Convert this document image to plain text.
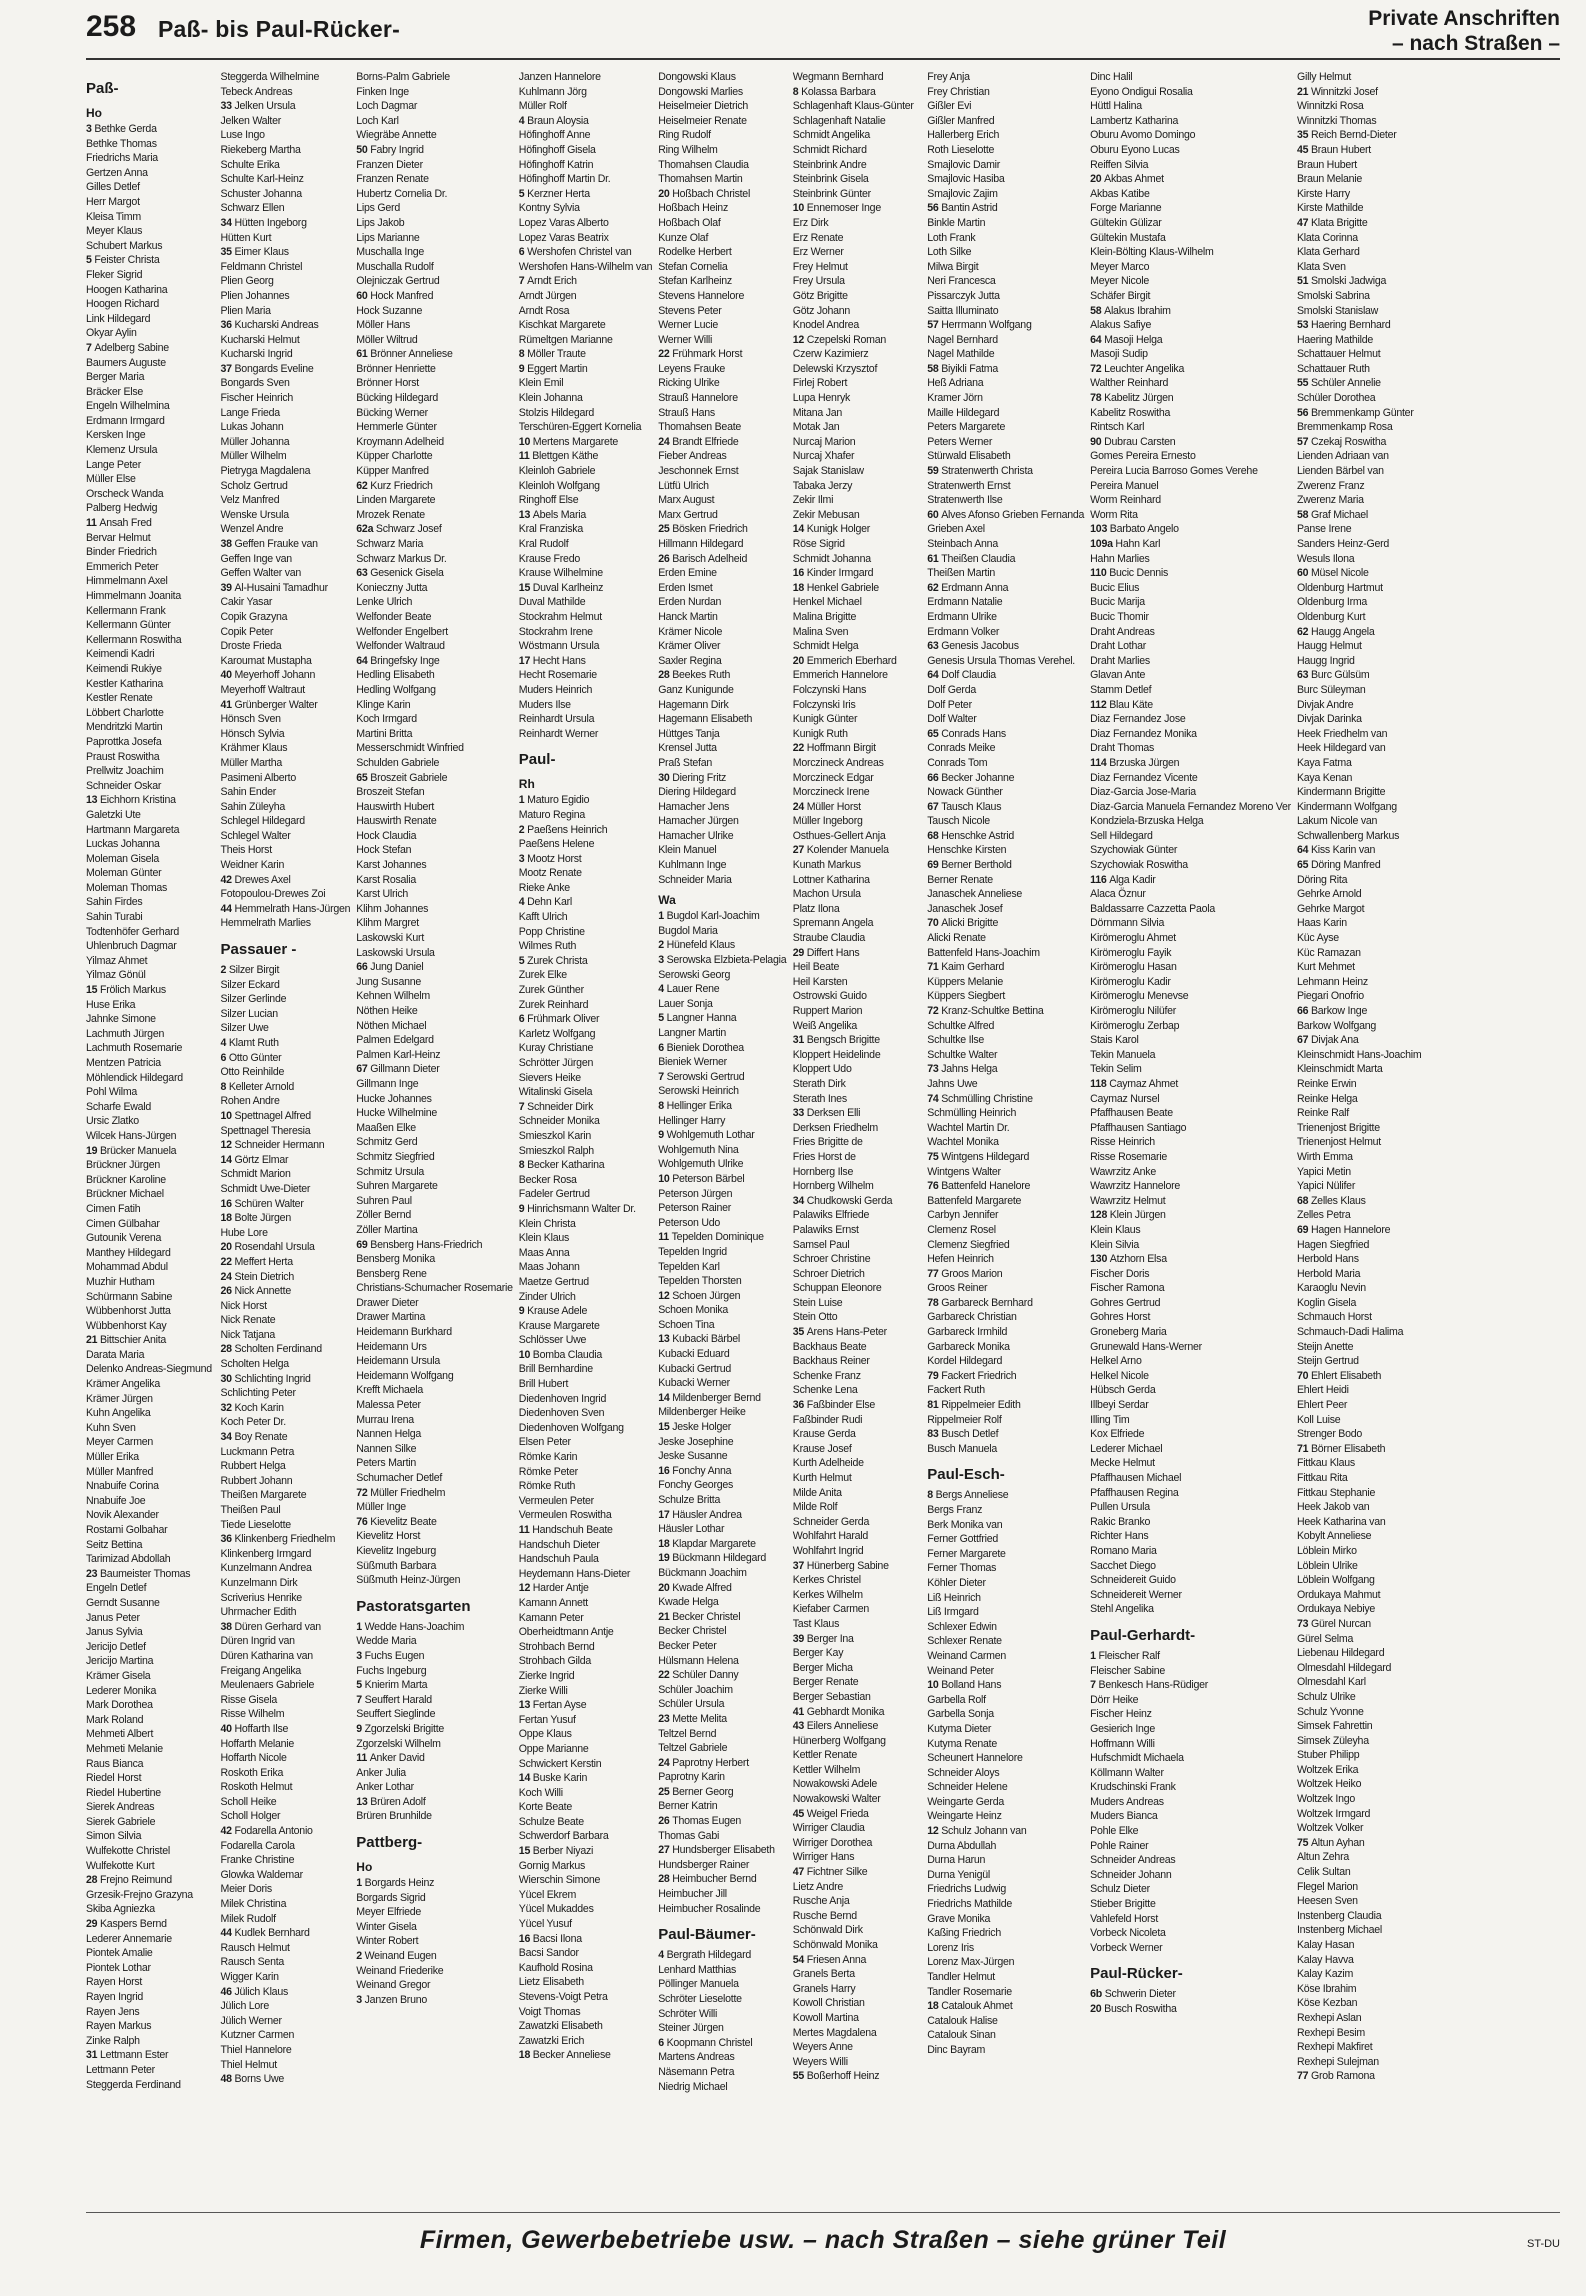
258 Paß- bis Paul-Rücker-	Private Anschriften
– nach Straßen –
Paß-
Ho
3 Bethke Gerda
Bethke Thomas
Friedrichs Maria
Gertzen Anna
Gilles Detlef
Herr Margot
Kleisa Timm
Meyer Klaus
Schubert Markus
5 Feister Christa
Fleker Sigrid
Hoogen Katharina
Hoogen Richard
Link Hildegard
Okyar Aylin
7 Adelberg Sabine
Baumers Auguste
Berger Maria
Bräcker Else
Engeln Wilhelmina
Erdmann Irmgard
Kersken Inge
Klemenz Ursula
Lange Peter
Müller Else
Orscheck Wanda
Palberg Hedwig
11 Ansah Fred
Bervar Helmut
Binder Friedrich
Emmerich Peter
Himmelmann Axel
Himmelmann Joanita
Kellermann Frank
Kellermann Günter
Kellermann Roswitha
Keimendi Kadri
Keimendi Rukiye
Kestler Katharina
Kestler Renate
Löbbert Charlotte
Mendritzki Martin
Paprottka Josefa
Praust Roswitha
Prellwitz Joachim
Schneider Oskar
13 Eichhorn Kristina
Galetzki Ute
Hartmann Margareta
Luckas Johanna
Moleman Gisela
Moleman Günter
Moleman Thomas
Sahin Firdes
Sahin Turabi
Todtenhöfer Gerhard
Uhlenbruch Dagmar
Yilmaz Ahmet
Yilmaz Gönül
15 Frölich Markus
Huse Erika
Jahnke Simone
Lachmuth Jürgen
Lachmuth Rosemarie
Mentzen Patricia
Möhlendick Hildegard
Pohl Wilma
Scharfe Ewald
Ursic Zlatko
Wilcek Hans-Jürgen
19 Brücker Manuela
Brückner Jürgen
Brückner Karoline
Brückner Michael
Cimen Fatih
Cimen Gülbahar
Gutounik Verena
Manthey Hildegard
Mohammad Abdul
Muzhir Hutham
Schürmann Sabine
Wübbenhorst Jutta
Wübbenhorst Kay
21 Bittschier Anita
Darata Maria
Delenko Andreas-Siegmund
Krämer Angelika
Krämer Jürgen
Kuhn Angelika
Kuhn Sven
Meyer Carmen
Müller Erika
Müller Manfred
Nnabuife Corina
Nnabuife Joe
Novik Alexander
Rostami Golbahar
Seitz Bettina
Tarimizad Abdollah
23 Baumeister Thomas
Engeln Detlef
Gerndt Susanne
Janus Peter
Janus Sylvia
Jericijo Detlef
Jericijo Martina
Krämer Gisela
Lederer Monika
Mark Dorothea
Mark Roland
Mehmeti Albert
Mehmeti Melanie
Raus Bianca
Riedel Horst
Riedel Hubertine
Sierek Andreas
Sierek Gabriele
Simon Silvia
Wulfekotte Christel
Wulfekotte Kurt
28 Frejno Reimund
Grzesik-Frejno Grazyna
Skiba Agniezka
29 Kaspers Bernd
Lederer Annemarie
Piontek Amalie
Piontek Lothar
Rayen Horst
Rayen Ingrid
Rayen Jens
Rayen Markus
Zinke Ralph
31 Lettmann Ester
Lettmann Peter
Steggerda Ferdinand
Steggerda Wilhelmine
Tebeck Andreas
33 Jelken Ursula
Jelken Walter
Luse Ingo
Riekeberg Martha
Schulte Erika
Schulte Karl-Heinz
Schuster Johanna
Schwarz Ellen
34 Hütten Ingeborg
Hütten Kurt
35 Eimer Klaus
Feldmann Christel
Plien Georg
Plien Johannes
Plien Maria
36 Kucharski Andreas
Kucharski Helmut
Kucharski Ingrid
37 Bongards Eveline
Bongards Sven
Fischer Heinrich
Lange Frieda
Lukas Johann
Müller Johanna
Müller Wilhelm
Pietryga Magdalena
Scholz Gertrud
Velz Manfred
Wenske Ursula
Wenzel Andre
38 Geffen Frauke van
Geffen Inge van
Geffen Walter van
39 Al-Husaini Tamadhur
Cakir Yasar
Copik Grazyna
Copik Peter
Droste Frieda
Karoumat Mustapha
40 Meyerhoff Johann
Meyerhoff Waltraut
41 Grünberger Walter
Hönsch Sven
Hönsch Sylvia
Krähmer Klaus
Müller Martha
Pasimeni Alberto
Sahin Ender
Sahin Züleyha
Schlegel Hildegard
Schlegel Walter
Theis Horst
Weidner Karin
42 Drewes Axel
Fotopoulou-Drewes Zoi
44 Hemmelrath Hans-Jürgen
Hemmelrath Marlies
Passauer -
2 Silzer Birgit
Silzer Eckard
Silzer Gerlinde
Silzer Lucian
Silzer Uwe
4 Klamt Ruth
6 Otto Günter
Otto Reinhilde
8 Kelleter Arnold
Rohen Andre
10 Spettnagel Alfred
Spettnagel Theresia
12 Schneider Hermann
14 Görtz Elmar
Schmidt Marion
Schmidt Uwe-Dieter
16 Schüren Walter
18 Bolte Jürgen
Hube Lore
20 Rosendahl Ursula
22 Meffert Herta
24 Stein Dietrich
26 Nick Annette
Nick Horst
Nick Renate
Nick Tatjana
28 Scholten Ferdinand
Scholten Helga
30 Schlichting Ingrid
Schlichting Peter
32 Koch Karin
Koch Peter Dr.
34 Boy Renate
Luckmann Petra
Rubbert Helga
Rubbert Johann
Theißen Margarete
Theißen Paul
Tiede Lieselotte
36 Klinkenberg Friedhelm
Klinkenberg Irmgard
Kunzelmann Andrea
Kunzelmann Dirk
Scriverius Henrike
Uhrmacher Edith
38 Düren Gerhard van
Düren Ingrid van
Düren Katharina van
Freigang Angelika
Meulenaers Gabriele
Risse Gisela
Risse Wilhelm
40 Hoffarth Ilse
Hoffarth Melanie
Hoffarth Nicole
Roskoth Erika
Roskoth Helmut
Scholl Heike
Scholl Holger
42 Fodarella Antonio
Fodarella Carola
Franke Christine
Glowka Waldemar
Meier Doris
Milek Christina
Milek Rudolf
44 Kudlek Bernhard
Rausch Helmut
Rausch Senta
Wigger Karin
46 Jülich Klaus
Jülich Lore
Jülich Werner
Kutzner Carmen
Thiel Hannelore
Thiel Helmut
48 Borns Uwe
Borns-Palm Gabriele
Finken Inge
Loch Dagmar
Loch Karl
Wiegräbe Annette
50 Fabry Ingrid
Franzen Dieter
Franzen Renate
Hubertz Cornelia Dr.
Lips Gerd
Lips Jakob
Lips Marianne
Muschalla Inge
Muschalla Rudolf
Olejniczak Gertrud
60 Hock Manfred
Hock Suzanne
Möller Hans
Möller Wiltrud
61 Brönner Anneliese
Brönner Henriette
Brönner Horst
Bücking Hildegard
Bücking Werner
Hemmerle Günter
Kroymann Adelheid
Küpper Charlotte
Küpper Manfred
62 Kurz Friedrich
Linden Margarete
Mrozek Renate
62a Schwarz Josef
Schwarz Maria
Schwarz Markus Dr.
63 Gesenick Gisela
Konieczny Jutta
Lenke Ulrich
Welfonder Beate
Welfonder Engelbert
Welfonder Waltraud
64 Bringefsky Inge
Hedling Elisabeth
Hedling Wolfgang
Klinge Karin
Koch Irmgard
Martini Britta
Messerschmidt Winfried
Schulden Gabriele
65 Broszeit Gabriele
Broszeit Stefan
Hauswirth Hubert
Hauswirth Renate
Hock Claudia
Hock Stefan
Karst Johannes
Karst Rosalia
Karst Ulrich
Klihm Johannes
Klihm Margret
Laskowski Kurt
Laskowski Ursula
66 Jung Daniel
Jung Susanne
Kehnen Wilhelm
Nöthen Heike
Nöthen Michael
Palmen Edelgard
Palmen Karl-Heinz
67 Gillmann Dieter
Gillmann Inge
Hucke Johannes
Hucke Wilhelmine
Maaßen Elke
Schmitz Gerd
Schmitz Siegfried
Schmitz Ursula
Suhren Margarete
Suhren Paul
Zöller Bernd
Zöller Martina
69 Bensberg Hans-Friedrich
Bensberg Monika
Bensberg Rene
Christians-Schumacher Rosemarie
Drawer Dieter
Drawer Martina
Heidemann Burkhard
Heidemann Urs
Heidemann Ursula
Heidemann Wolfgang
Krefft Michaela
Malessa Peter
Murrau Irena
Nannen Helga
Nannen Silke
Peters Martin
Schumacher Detlef
72 Müller Friedhelm
Müller Inge
76 Kievelitz Beate
Kievelitz Horst
Kievelitz Ingeburg
Süßmuth Barbara
Süßmuth Heinz-Jürgen
Pastoratsgarten
1 Wedde Hans-Joachim
Wedde Maria
3 Fuchs Eugen
Fuchs Ingeburg
5 Knierim Marta
7 Seuffert Harald
Seuffert Sieglinde
9 Zgorzelski Brigitte
Zgorzelski Wilhelm
11 Anker David
Anker Julia
Anker Lothar
13 Brüren Adolf
Brüren Brunhilde
Pattberg-
Ho
1 Borgards Heinz
Borgards Sigrid
Meyer Elfriede
Winter Gisela
Winter Robert
2 Weinand Eugen
Weinand Friederike
Weinand Gregor
3 Janzen Bruno
Janzen Hannelore
Kuhlmann Jörg
Müller Rolf
4 Braun Aloysia
Höfinghoff Anne
Höfinghoff Gisela
Höfinghoff Katrin
Höfinghoff Martin Dr.
5 Kerzner Herta
Kontny Sylvia
Lopez Varas Alberto
Lopez Varas Beatrix
6 Wershofen Christel van
Wershofen Hans-Wilhelm van
7 Arndt Erich
Arndt Jürgen
Arndt Rosa
Kischkat Margarete
Rümeltgen Marianne
8 Möller Traute
9 Eggert Martin
Klein Emil
Klein Johanna
Stolzis Hildegard
Terschüren-Eggert Kornelia
10 Mertens Margarete
11 Blettgen Käthe
Kleinloh Gabriele
Kleinloh Wolfgang
Ringhoff Else
13 Abels Maria
Kral Franziska
Kral Rudolf
Krause Fredo
Krause Wilhelmine
15 Duval Karlheinz
Duval Mathilde
Stockrahm Helmut
Stockrahm Irene
Wöstmann Ursula
17 Hecht Hans
Hecht Rosemarie
Muders Heinrich
Muders Ilse
Reinhardt Ursula
Reinhardt Werner
Paul-
Rh
1 Maturo Egidio
Maturo Regina
2 Paeßens Heinrich
Paeßens Helene
3 Mootz Horst
Mootz Renate
Rieke Anke
4 Dehn Karl
Kafft Ulrich
Popp Christine
Wilmes Ruth
5 Zurek Christa
Zurek Elke
Zurek Günther
Zurek Reinhard
6 Frühmark Oliver
Karletz Wolfgang
Kuray Christiane
Schrötter Jürgen
Sievers Heike
Witalinski Gisela
7 Schneider Dirk
Schneider Monika
Smieszkol Karin
Smieszkol Ralph
8 Becker Katharina
Becker Rosa
Fadeler Gertrud
9 Hinrichsmann Walter Dr.
Klein Christa
Klein Klaus
Maas Anna
Maas Johann
Maetze Gertrud
Zinder Ulrich
9 Krause Adele
Krause Margarete
Schlösser Uwe
10 Bomba Claudia
Brill Bernhardine
Brill Hubert
Diedenhoven Ingrid
Diedenhoven Sven
Diedenhoven Wolfgang
Elsen Peter
Römke Karin
Römke Peter
Römke Ruth
Vermeulen Peter
Vermeulen Roswitha
11 Handschuh Beate
Handschuh Dieter
Handschuh Paula
Heydemann Hans-Dieter
12 Harder Antje
Kamann Annett
Kamann Peter
Oberheidtmann Antje
Strohbach Bernd
Strohbach Gilda
Zierke Ingrid
Zierke Willi
13 Fertan Ayse
Fertan Yusuf
Oppe Klaus
Oppe Marianne
Schwickert Kerstin
14 Buske Karin
Koch Willi
Korte Beate
Schulze Beate
Schwerdorf Barbara
15 Berber Niyazi
Gornig Markus
Wierschin Simone
Yücel Ekrem
Yücel Mukaddes
Yücel Yusuf
16 Bacsi Ilona
Bacsi Sandor
Kaufhold Rosina
Lietz Elisabeth
Stevens-Voigt Petra
Voigt Thomas
Zawatzki Elisabeth
Zawatzki Erich
18 Becker Anneliese
Dongowski Klaus
Dongowski Marlies
Heiselmeier Dietrich
Heiselmeier Renate
Ring Rudolf
Ring Wilhelm
Thomahsen Claudia
Thomahsen Martin
20 Hoßbach Christel
Hoßbach Heinz
Hoßbach Olaf
Kunze Olaf
Rodelke Herbert
Stefan Cornelia
Stefan Karlheinz
Stevens Hannelore
Stevens Peter
Werner Lucie
Werner Willi
22 Frühmark Horst
Leyens Frauke
Ricking Ulrike
Strauß Hannelore
Strauß Hans
Thomahsen Beate
24 Brandt Elfriede
Fieber Andreas
Jeschonnek Ernst
Lütfü Ulrich
Marx August
Marx Gertrud
25 Bösken Friedrich
Hillmann Hildegard
26 Barisch Adelheid
Erden Emine
Erden Ismet
Erden Nurdan
Hanck Martin
Krämer Nicole
Krämer Oliver
Saxler Regina
28 Beekes Ruth
Ganz Kunigunde
Hagemann Dirk
Hagemann Elisabeth
Hüttges Tanja
Krensel Jutta
Praß Stefan
30 Diering Fritz
Diering Hildegard
Hamacher Jens
Hamacher Jürgen
Hamacher Ulrike
Klein Manuel
Kuhlmann Inge
Schneider Maria
Wa
1 Bugdol Karl-Joachim
Bugdol Maria
2 Hünefeld Klaus
3 Serowska Elzbieta-Pelagia
Serowski Georg
4 Lauer Rene
Lauer Sonja
5 Langner Hanna
Langner Martin
6 Bieniek Dorothea
Bieniek Werner
7 Serowski Gertrud
Serowski Heinrich
8 Hellinger Erika
Hellinger Harry
9 Wohlgemuth Lothar
Wohlgemuth Nina
Wohlgemuth Ulrike
10 Peterson Bärbel
Peterson Jürgen
Peterson Rainer
Peterson Udo
11 Tepelden Dominique
Tepelden Ingrid
Tepelden Karl
Tepelden Thorsten
12 Schoen Jürgen
Schoen Monika
Schoen Tina
13 Kubacki Bärbel
Kubacki Eduard
Kubacki Gertrud
Kubacki Werner
14 Mildenberger Bernd
Mildenberger Heike
15 Jeske Holger
Jeske Josephine
Jeske Susanne
16 Fonchy Anna
Fonchy Georges
Schulze Britta
17 Häusler Andrea
Häusler Lothar
18 Klapdar Margarete
19 Bückmann Hildegard
Bückmann Joachim
20 Kwade Alfred
Kwade Helga
21 Becker Christel
Becker Christel
Becker Peter
Hülsmann Helena
22 Schüler Danny
Schüler Joachim
Schüler Ursula
23 Mette Melita
Teltzel Bernd
Teltzel Gabriele
24 Paprotny Herbert
Paprotny Karin
25 Berner Georg
Berner Katrin
26 Thomas Eugen
Thomas Gabi
27 Hundsberger Elisabeth
Hundsberger Rainer
28 Heimbucher Bernd
Heimbucher Jill
Heimbucher Rosalinde
Paul-Bäumer-
4 Bergrath Hildegard
Lenhard Matthias
Pöllinger Manuela
Schröter Lieselotte
Schröter Willi
Steiner Jürgen
6 Koopmann Christel
Martens Andreas
Näsemann Petra
Niedrig Michael
Wegmann Bernhard
8 Kolassa Barbara
Schlagenhaft Klaus-Günter
Schlagenhaft Natalie
Schmidt Angelika
Schmidt Richard
Steinbrink Andre
Steinbrink Gisela
Steinbrink Günter
10 Ennemoser Inge
Erz Dirk
Erz Renate
Erz Werner
Frey Helmut
Frey Ursula
Götz Brigitte
Götz Johann
Knodel Andrea
12 Czepelski Roman
Czerw Kazimierz
Delewski Krzysztof
Firlej Robert
Lupa Henryk
Mitana Jan
Motak Jan
Nurcaj Marion
Nurcaj Xhafer
Sajak Stanislaw
Tabaka Jerzy
Zekir Ilmi
Zekir Mebusan
14 Kunigk Holger
Röse Sigrid
Schmidt Johanna
16 Kinder Irmgard
18 Henkel Gabriele
Henkel Michael
Malina Brigitte
Malina Sven
Schmidt Helga
20 Emmerich Eberhard
Emmerich Hannelore
Folczynski Hans
Folczynski Iris
Kunigk Günter
Kunigk Ruth
22 Hoffmann Birgit
Morczineck Andreas
Morczineck Edgar
Morczineck Irene
24 Müller Horst
Müller Ingeborg
Osthues-Gellert Anja
27 Kolender Manuela
Kunath Markus
Lottner Katharina
Machon Ursula
Platz Ilona
Spremann Angela
Straube Claudia
29 Differt Hans
Heil Beate
Heil Karsten
Ostrowski Guido
Ruppert Marion
Weiß Angelika
31 Bengsch Brigitte
Kloppert Heidelinde
Kloppert Udo
Sterath Dirk
Sterath Ines
33 Derksen Elli
Derksen Friedhelm
Fries Brigitte de
Fries Horst de
Hornberg Ilse
Hornberg Wilhelm
34 Chudkowski Gerda
Palawiks Elfriede
Palawiks Ernst
Samsel Paul
Schroer Christine
Schroer Dietrich
Schuppan Eleonore
Stein Luise
Stein Otto
35 Arens Hans-Peter
Backhaus Beate
Backhaus Reiner
Schenke Franz
Schenke Lena
36 Faßbinder Else
Faßbinder Rudi
Krause Gerda
Krause Josef
Kurth Adelheide
Kurth Helmut
Milde Anita
Milde Rolf
Schneider Gerda
Wohlfahrt Harald
Wohlfahrt Ingrid
37 Hünerberg Sabine
Kerkes Christel
Kerkes Wilhelm
Kiefaber Carmen
Tast Klaus
39 Berger Ina
Berger Kay
Berger Micha
Berger Renate
Berger Sebastian
41 Gebhardt Monika
43 Eilers Anneliese
Hünerberg Wolfgang
Kettler Renate
Kettler Wilhelm
Nowakowski Adele
Nowakowski Walter
45 Weigel Frieda
Wirriger Claudia
Wirriger Dorothea
Wirriger Hans
47 Fichtner Silke
Lietz Andre
Rusche Anja
Rusche Bernd
Schönwald Dirk
Schönwald Monika
54 Friesen Anna
Granels Berta
Granels Harry
Kowoll Christian
Kowoll Martina
Mertes Magdalena
Weyers Anne
Weyers Willi
55 Boßerhoff Heinz
Frey Anja
Frey Christian
Gißler Evi
Gißler Manfred
Hallerberg Erich
Roth Lieselotte
Smajlovic Damir
Smajlovic Hasiba
Smajlovic Zajim
56 Bantin Astrid
Binkle Martin
Loth Frank
Loth Silke
Milwa Birgit
Neri Francesca
Pissarczyk Jutta
Saitta Illuminato
57 Herrmann Wolfgang
Nagel Bernhard
Nagel Mathilde
58 Biyikli Fatma
Heß Adriana
Kramer Jörn
Maille Hildegard
Peters Margarete
Peters Werner
Stürwald Elisabeth
59 Stratenwerth Christa
Stratenwerth Ernst
Stratenwerth Ilse
60 Alves Afonso Grieben Fernanda
Grieben Axel
Steinbach Anna
61 Theißen Claudia
Theißen Martin
62 Erdmann Anna
Erdmann Natalie
Erdmann Ulrike
Erdmann Volker
63 Genesis Jacobus
Genesis Ursula Thomas Verehel.
64 Dolf Claudia
Dolf Gerda
Dolf Peter
Dolf Walter
65 Conrads Hans
Conrads Meike
Conrads Tom
66 Becker Johanne
Nowack Günther
67 Tausch Klaus
Tausch Nicole
68 Henschke Astrid
Henschke Kirsten
69 Berner Berthold
Berner Renate
Janaschek Anneliese
Janaschek Josef
70 Alicki Brigitte
Alicki Renate
Battenfeld Hans-Joachim
71 Kaim Gerhard
Küppers Melanie
Küppers Siegbert
72 Kranz-Schultke Bettina
Schultke Alfred
Schultke Ilse
Schultke Walter
73 Jahns Helga
Jahns Uwe
74 Schmülling Christine
Schmülling Heinrich
Wachtel Martin Dr.
Wachtel Monika
75 Wintgens Hildegard
Wintgens Walter
76 Battenfeld Hanelore
Battenfeld Margarete
Carbyn Jennifer
Clemenz Rosel
Clemenz Siegfried
Hefen Heinrich
77 Groos Marion
Groos Reiner
78 Garbareck Bernhard
Garbareck Christian
Garbareck Irmhild
Garbareck Monika
Kordel Hildegard
79 Fackert Friedrich
Fackert Ruth
81 Rippelmeier Edith
Rippelmeier Rolf
83 Busch Detlef
Busch Manuela
Paul-Esch-
8 Bergs Anneliese
Bergs Franz
Berk Monika van
Ferner Gottfried
Ferner Margarete
Ferner Thomas
Köhler Dieter
Liß Heinrich
Liß Irmgard
Schlexer Edwin
Schlexer Renate
Weinand Carmen
Weinand Peter
10 Bolland Hans
Garbella Rolf
Garbella Sonja
Kutyma Dieter
Kutyma Renate
Scheunert Hannelore
Schneider Aloys
Schneider Helene
Weingarte Gerda
Weingarte Heinz
12 Schulz Johann van
Durna Abdullah
Durna Harun
Durna Yenigül
Friedrichs Ludwig
Friedrichs Mathilde
Grave Monika
Kaßing Friedrich
Lorenz Iris
Lorenz Max-Jürgen
Tandler Helmut
Tandler Rosemarie
18 Catalouk Ahmet
Catalouk Halise
Catalouk Sinan
Dinc Bayram
Dinc Halil
Eyono Ondigui Rosalia
Hüttl Halina
Lambertz Katharina
Oburu Avomo Domingo
Oburu Eyono Lucas
Reiffen Silvia
20 Akbas Ahmet
Akbas Katibe
Forge Marianne
Gültekin Gülizar
Gültekin Mustafa
Klein-Bölting Klaus-Wilhelm
Meyer Marco
Meyer Nicole
Schäfer Birgit
58 Alakus Ibrahim
Alakus Safiye
64 Masoji Helga
Masoji Sudip
72 Leuchter Angelika
Walther Reinhard
78 Kabelitz Jürgen
Kabelitz Roswitha
Rintsch Karl
90 Dubrau Carsten
Gomes Pereira Ernesto
Pereira Lucia Barroso Gomes Verehe
Pereira Manuel
Worm Reinhard
Worm Rita
103 Barbato Angelo
109a Hahn Karl
Hahn Marlies
110 Bucic Dennis
Bucic Elius
Bucic Marija
Bucic Thomir
Draht Andreas
Draht Lothar
Draht Marlies
Glavan Ante
Stamm Detlef
112 Blau Käte
Diaz Fernandez Jose
Diaz Fernandez Monika
Draht Thomas
114 Brzuska Jürgen
Diaz Fernandez Vicente
Diaz-Garcia Jose-Maria
Diaz-Garcia Manuela Fernandez Moreno Ver
Kondziela-Brzuska Helga
Sell Hildegard
Szychowiak Günter
Szychowiak Roswitha
116 Alga Kadir
Alaca Öznur
Baldassarre Cazzetta Paola
Dörnmann Silvia
Kirömeroglu Ahmet
Kirömeroglu Fayik
Kirömeroglu Hasan
Kirömeroglu Kadir
Kirömeroglu Menevse
Kirömeroglu Nilüfer
Kirömeroglu Zerbap
Stais Karol
Tekin Manuela
Tekin Selim
118 Caymaz Ahmet
Caymaz Nursel
Pfaffhausen Beate
Pfaffhausen Santiago
Risse Heinrich
Risse Rosemarie
Wawrzitz Anke
Wawrzitz Hannelore
Wawrzitz Helmut
128 Klein Jürgen
Klein Klaus
Klein Silvia
130 Atzhorn Elsa
Fischer Doris
Fischer Ramona
Gohres Gertrud
Gohres Horst
Groneberg Maria
Grunewald Hans-Werner
Helkel Arno
Helkel Nicole
Hübsch Gerda
Illbeyi Serdar
Illing Tim
Kox Elfriede
Lederer Michael
Mecke Helmut
Pfaffhausen Michael
Pfaffhausen Regina
Pullen Ursula
Rakic Branko
Richter Hans
Romano Maria
Sacchet Diego
Schneidereit Guido
Schneidereit Werner
Stehl Angelika
Paul-Gerhardt-
1 Fleischer Ralf
Fleischer Sabine
7 Benkesch Hans-Rüdiger
Dörr Heike
Fischer Heinz
Gesierich Inge
Hoffmann Willi
Hufschmidt Michaela
Köllmann Walter
Krudschinski Frank
Muders Andreas
Muders Bianca
Pohle Elke
Pohle Rainer
Schneider Andreas
Schneider Johann
Schulz Dieter
Stieber Brigitte
Vahlefeld Horst
Vorbeck Nicoleta
Vorbeck Werner
Paul-Rücker-
6b Schwerin Dieter
20 Busch Roswitha
Gilly Helmut
21 Winnitzki Josef
Winnitzki Rosa
Winnitzki Thomas
35 Reich Bernd-Dieter
45 Braun Hubert
Braun Hubert
Braun Melanie
Kirste Harry
Kirste Mathilde
47 Klata Brigitte
Klata Corinna
Klata Gerhard
Klata Sven
51 Smolski Jadwiga
Smolski Sabrina
Smolski Stanislaw
53 Haering Bernhard
Haering Mathilde
Schattauer Helmut
Schattauer Ruth
55 Schüler Annelie
Schüler Dorothea
56 Bremmenkamp Günter
Bremmenkamp Rosa
57 Czekaj Roswitha
Lienden Adriaan van
Lienden Bärbel van
Zwerenz Franz
Zwerenz Maria
58 Graf Michael
Panse Irene
Sanders Heinz-Gerd
Wesuls Ilona
60 Müsel Nicole
Oldenburg Hartmut
Oldenburg Irma
Oldenburg Kurt
62 Haugg Angela
Haugg Helmut
Haugg Ingrid
63 Burc Gülsüm
Burc Süleyman
Divjak Andre
Divjak Darinka
Heek Friedhelm van
Heek Hildegard van
Kaya Fatma
Kaya Kenan
Kindermann Brigitte
Kindermann Wolfgang
Lakum Nicole van
Schwallenberg Markus
64 Kiss Karin van
65 Döring Manfred
Döring Rita
Gehrke Arnold
Gehrke Margot
Haas Karin
Küc Ayse
Küc Ramazan
Kurt Mehmet
Lehmann Heinz
Piegari Onofrio
66 Barkow Inge
Barkow Wolfgang
67 Divjak Ana
Kleinschmidt Hans-Joachim
Kleinschmidt Marta
Reinke Erwin
Reinke Helga
Reinke Ralf
Trienenjost Brigitte
Trienenjost Helmut
Wirth Emma
Yapici Metin
Yapici Nülifer
68 Zelles Klaus
Zelles Petra
69 Hagen Hannelore
Hagen Siegfried
Herbold Hans
Herbold Maria
Karaoglu Nevin
Koglin Gisela
Schmauch Horst
Schmauch-Dadi Halima
Steijn Anette
Steijn Gertrud
70 Ehlert Elisabeth
Ehlert Heidi
Ehlert Peer
Koll Luise
Strenger Bodo
71 Börner Elisabeth
Fittkau Klaus
Fittkau Rita
Fittkau Stephanie
Heek Jakob van
Heek Katharina van
Kobylt Anneliese
Löblein Mirko
Löblein Ulrike
Löblein Wolfgang
Ordukaya Mahmut
Ordukaya Nebiye
73 Gürel Nurcan
Gürel Selma
Liebenau Hildegard
Olmesdahl Hildegard
Olmesdahl Karl
Schulz Ulrike
Schulz Yvonne
Simsek Fahrettin
Simsek Züleyha
Stuber Philipp
Woltzek Erika
Woltzek Heiko
Woltzek Ingo
Woltzek Irmgard
Woltzek Volker
75 Altun Ayhan
Altun Zehra
Celik Sultan
Flegel Marion
Heesen Sven
Instenberg Claudia
Instenberg Michael
Kalay Hasan
Kalay Havva
Kalay Kazim
Köse Ibrahim
Köse Kezban
Rexhepi Aslan
Rexhepi Besim
Rexhepi Makfiret
Rexhepi Sulejman
77 Grob Ramona
Firmen, Gewerbebetriebe usw. – nach Straßen – siehe grüner Teil	ST-DU
